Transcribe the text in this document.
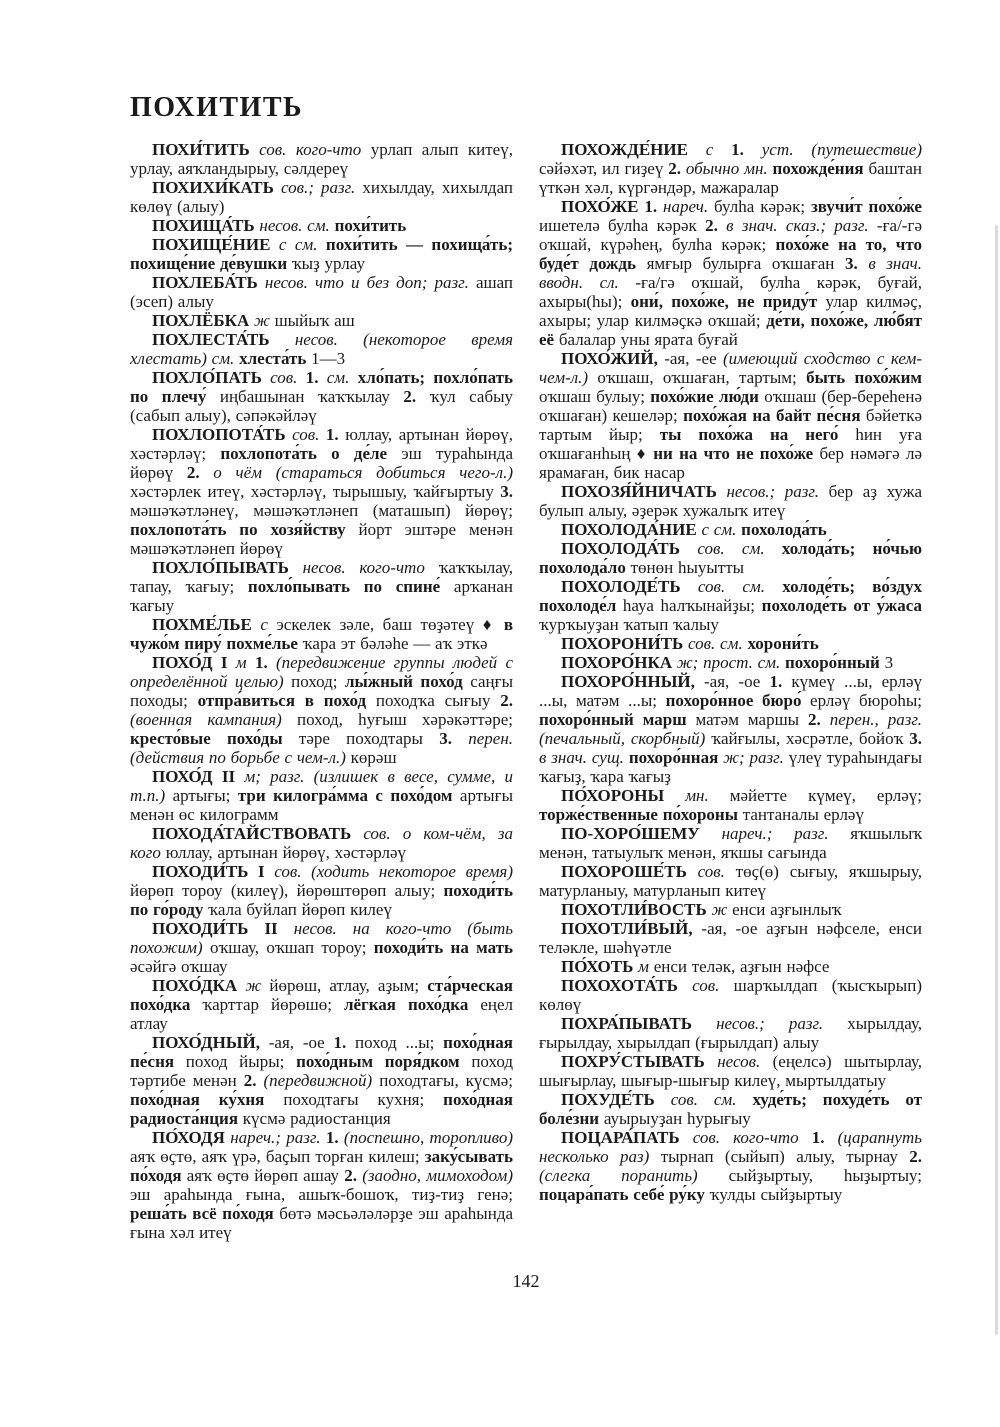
ПОХИТИТЬ

ПОХИ́ТИТЬ сов. кого-что урлап алып китеү, урлау, аяҡландырыу, сәлдереү

ПОХИХИ́КАТЬ сов.; разг. хихылдау, хихылдап көлөү (алыу)

ПОХИЩА́ТЬ несов. см. похи́тить

ПОХИЩЕ́НИЕ с см. похи́тить — похища́ть; похище́ние де́вушки ҡыҙ урлау

ПОХЛЕБА́ТЬ несов. что и без доп; разг. ашап (эсеп) алыу

ПОХЛЁБКА ж шыйыҡ аш

ПОХЛЕСТА́ТЬ несов. (некоторое время хлестать) см. хлеста́ть 1—3

ПОХЛО́ПАТЬ сов. 1. см. хло́пать; похло́пать по плечу́ иңбашынан ҡаҡҡылау 2. ҡул сабыу (сабып алыу), сәпәкәйләү

ПОХЛОПОТА́ТЬ сов. 1. юллау, артынан йөрөү, хәстәрләү; похлопота́ть о де́ле эш тураһында йөрөү 2. о чём (стараться добиться чего-л.) хәстәрлек итеү, хәстәрләү, тырышыу, ҡайғыртыу 3. мәшәҡәтләнеү, мәшәҡәтләнеп (маташып) йөрөү; похлопота́ть по хозя́йству йорт эштәре менән мәшәҡәтләнеп йөрөү

ПОХЛО́ПЫВАТЬ несов. кого-что ҡаҡҡылау, тапау, ҡағыу; похло́пывать по спине́ арҡанан ҡағыу

ПОХМЕ́ЛЬЕ с эскелек зәле, баш төҙәтеү ♦ в чужо́м пиру́ похме́лье ҡара эт бәләһе — аҡ эткә

ПОХО́Д I м 1. (передвижение группы людей с определённой целью) поход; лы́жный похо́д саңғы походы; отпра́виться в похо́д походҡа сығыу 2. (военная кампания) поход, һуғыш хәрәкәттәре; кресто́вые похо́ды тәре походтары 3. перен. (действия по борьбе с чем-л.) көрәш

ПОХО́Д II м; разг. (излишек в весе, сумме, и т.п.) артығы; три килогра́мма с похо́дом артығы менән өс килограмм

ПОХОДА́ТАЙСТВОВАТЬ сов. о ком-чём, за кого юллау, артынан йөрөү, хәстәрләү

ПОХОДИ́ТЬ I сов. (ходить некоторое время) йөрөп тороу (килеү), йөрөштөрөп алыу; походи́ть по го́роду ҡала буйлап йөрөп килеү

ПОХОДИ́ТЬ II несов. на кого-что (быть похожим) оҡшау, оҡшап тороу; походи́ть на мать әсәйгә оҡшау

ПОХО́ДКА ж йөрөш, атлау, аҙым; ста́рческая похо́дка ҡарттар йөрөшө; лёгкая похо́дка еңел атлау

ПОХО́ДНЫЙ, -ая, -ое 1. поход ...ы; похо́дная пе́сня поход йыры; похо́дным поря́дком поход тәртибе менән 2. (передвижной) походтағы, күсмә; похо́дная ку́хня походтағы кухня; похо́дная радиоста́нция күсмә радиостанция

ПО́ХОДЯ нареч.; разг. 1. (поспешно, торопливо) аяҡ өҫтө, аяҡ үрә, баҫып торған килеш; заку́сывать по́ходя аяҡ өҫтө йөрөп ашау 2. (заодно, мимоходом) эш араһында ғына, ашыҡ-бошоҡ, тиҙ-тиҙ генә; реша́ть всё по́ходя бөтә мәсьәләләрҙе эш араһында ғына хәл итеү

ПОХОЖДЕ́НИЕ с 1. уст. (путешествие) сәйәхәт, ил гиҙеү 2. обычно мн. похожде́ния баштан үткән хәл, күргәндәр, мажаралар

ПОХО́ЖЕ 1. нареч. булһа кәрәк; звучи́т похо́же ишетелә булһа кәрәк 2. в знач. сказ.; разг. -ға/-гә оҡшай, күрәһең, булһа кәрәк; похо́же на то, что буде́т дождь ямғыр булырға оҡшаған 3. в знач. вводн. сл. -ға/гә оҡшай, булһа кәрәк, буғай, ахыры(һы); они́, похо́же, не приду́т улар килмәҫ, ахыры; улар килмәҫкә оҡшай; де́ти, похо́же, лю́бят её балалар уны ярата буғай

ПОХО́ЖИЙ, -ая, -ее (имеющий сходство с кем-чем-л.) оҡшаш, оҡшаған, тартым; быть похо́жим оҡшаш булыу; похо́жие лю́ди оҡшаш (бер-береһенә оҡшаған) кешеләр; похо́жая на байт пе́сня бәйеткә тартым йыр; ты похо́жа на него́ һин уға оҡшағанһың ♦ ни на что не похо́же бер нәмәгә лә ярамаған, бик насар

ПОХОЗЯ́ЙНИЧАТЬ несов.; разг. бер аҙ хужа булып алыу, әҙерәк хужалыҡ итеү

ПОХОЛОДА́НИЕ с см. похолода́ть

ПОХОЛОДА́ТЬ сов. см. холода́ть; но́чью похолода́ло төнөн һыуытты

ПОХОЛОДЕ́ТЬ сов. см. холоде́ть; во́здух похолоде́л һауа һалҡынайҙы; похолоде́ть от у́жаса ҡурҡыуҙан ҡатып ҡалыу

ПОХОРОНИ́ТЬ сов. см. хорони́ть

ПОХОРО́НКА ж; прост. см. похоро́нный 3

ПОХОРО́ННЫЙ, -ая, -ое 1. күмеү ...ы, ерләү ...ы, матәм ...ы; похоро́нное бюро́ ерләү бюроһы; похоро́нный марш матәм маршы 2. перен., разг. (печальный, скорбный) ҡайғылы, хәсрәтле, бойоҡ 3. в знач. сущ. похоро́нная ж; разг. үлеү тураһындағы ҡағыҙ, ҡара ҡағыҙ

ПО́ХОРОНЫ мн. мәйетте күмеү, ерләү; торже́ственные по́хороны тантаналы ерләү

ПО-ХОРО́ШЕМУ нареч.; разг. яҡшылыҡ менән, татыулыҡ менән, яҡшы сағында

ПОХОРОШЕ́ТЬ сов. төҫ(ө) сығыу, яҡшырыу, матурланыу, матурланып китеү

ПОХОТЛИ́ВОСТЬ ж енси аҙғынлыҡ

ПОХОТЛИ́ВЫЙ, -ая, -ое аҙғын нәфселе, енси теләкле, шәһүәтле

ПО́ХОТЬ м енси теләк, аҙғын нәфсе

ПОХОХОТА́ТЬ сов. шарҡылдап (ҡысҡырып) көлөү

ПОХРА́ПЫВАТЬ несов.; разг. хырылдау, ғырылдау, хырылдап (ғырылдап) алыу

ПОХРУ́СТЫВАТЬ несов. (еңелсә) шытырлау, шығырлау, шығыр-шығыр килеү, мыртылдатыу

ПОХУДЕ́ТЬ сов. см. худе́ть; похуде́ть от боле́зни ауырыуҙан һурығыу

ПОЦАРА́ПАТЬ сов. кого-что 1. (царапнуть несколько раз) тырнап (сыйып) алыу, тырнау 2. (слегка поранить) сыйҙыртыу, һыҙыртыу; поцара́пать себе́ ру́ку ҡулды сыйҙыртыу

142
